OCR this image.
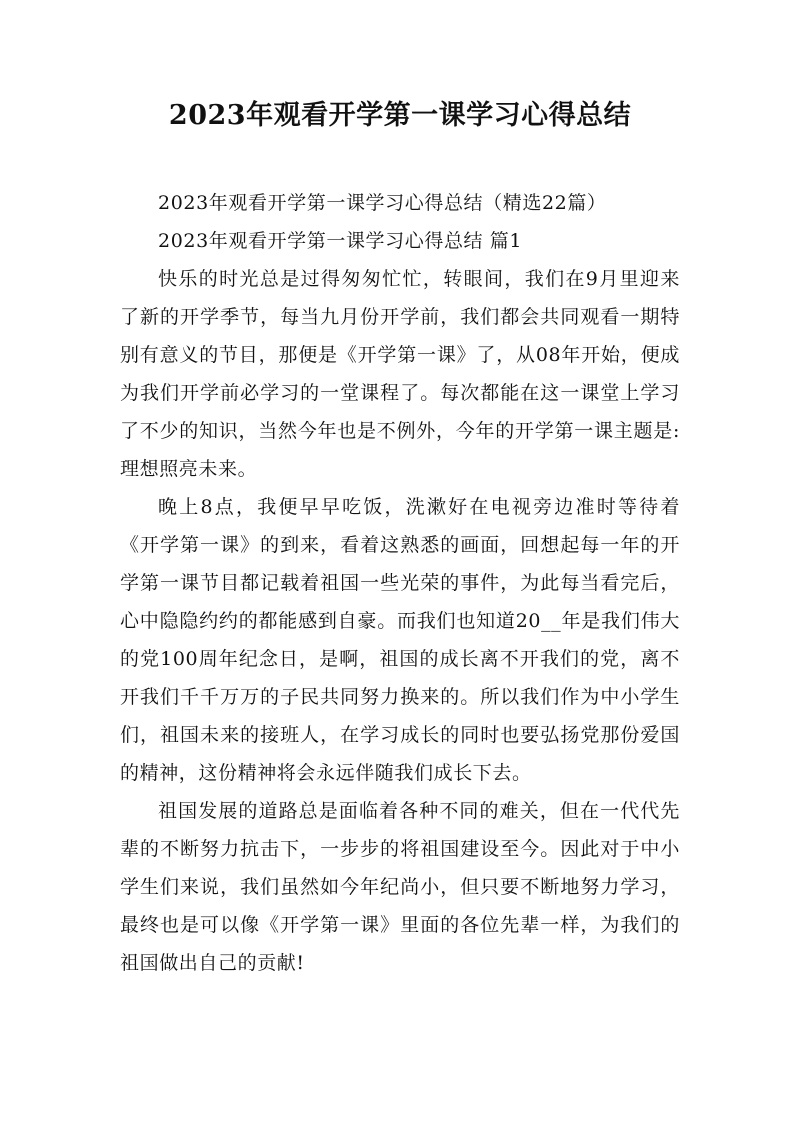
2023年观看开学第一课学习心得总结

2023年观看开学第一课学习心得总结（精选22篇）

2023年观看开学第一课学习心得总结 篇1

快乐的时光总是过得匆匆忙忙，转眼间，我们在9月里迎来了新的开学季节，每当九月份开学前，我们都会共同观看一期特别有意义的节目，那便是《开学第一课》了，从08年开始，便成为我们开学前必学习的一堂课程了。每次都能在这一课堂上学习了不少的知识，当然今年也是不例外，今年的开学第一课主题是:理想照亮未来。

晚上8点，我便早早吃饭，洗漱好在电视旁边准时等待着《开学第一课》的到来，看着这熟悉的画面，回想起每一年的开学第一课节目都记载着祖国一些光荣的事件，为此每当看完后，心中隐隐约约的都能感到自豪。而我们也知道20__年是我们伟大的党100周年纪念日，是啊，祖国的成长离不开我们的党，离不开我们千千万万的子民共同努力换来的。所以我们作为中小学生们，祖国未来的接班人，在学习成长的同时也要弘扬党那份爱国的精神，这份精神将会永远伴随我们成长下去。

祖国发展的道路总是面临着各种不同的难关，但在一代代先辈的不断努力抗击下，一步步的将祖国建设至今。因此对于中小学生们来说，我们虽然如今年纪尚小，但只要不断地努力学习，最终也是可以像《开学第一课》里面的各位先辈一样，为我们的祖国做出自己的贡献!
